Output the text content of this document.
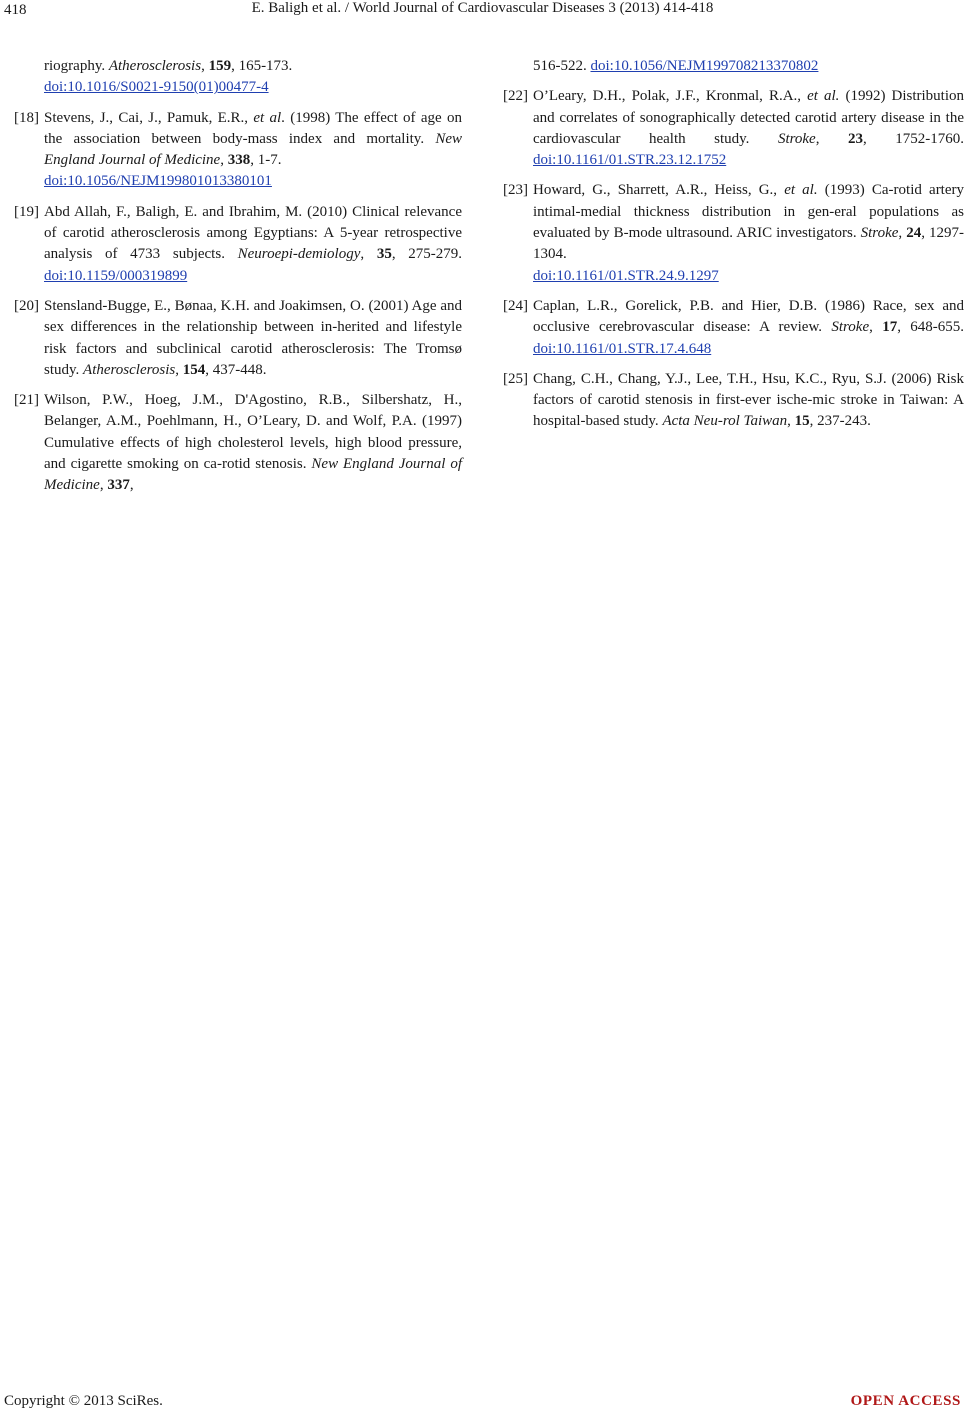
418	E. Baligh et al. / World Journal of Cardiovascular Diseases 3 (2013) 414-418
riography. Atherosclerosis, 159, 165-173.
doi:10.1016/S0021-9150(01)00477-4
[18] Stevens, J., Cai, J., Pamuk, E.R., et al. (1998) The effect of age on the association between body-mass index and mortality. New England Journal of Medicine, 338, 1-7.
doi:10.1056/NEJM199801013380101
[19] Abd Allah, F., Baligh, E. and Ibrahim, M. (2010) Clinical relevance of carotid atherosclerosis among Egyptians: A 5-year retrospective analysis of 4733 subjects. Neuroepi-demiology, 35, 275-279. doi:10.1159/000319899
[20] Stensland-Bugge, E., Bønaa, K.H. and Joakimsen, O. (2001) Age and sex differences in the relationship between in-herited and lifestyle risk factors and subclinical carotid atherosclerosis: The Tromsø study. Atherosclerosis, 154, 437-448.
[21] Wilson, P.W., Hoeg, J.M., D'Agostino, R.B., Silbershatz, H., Belanger, A.M., Poehlmann, H., O’Leary, D. and Wolf, P.A. (1997) Cumulative effects of high cholesterol levels, high blood pressure, and cigarette smoking on ca-rotid stenosis. New England Journal of Medicine, 337,
516-522. doi:10.1056/NEJM199708213370802
[22] O’Leary, D.H., Polak, J.F., Kronmal, R.A., et al. (1992) Distribution and correlates of sonographically detected carotid artery disease in the cardiovascular health study. Stroke, 23, 1752-1760. doi:10.1161/01.STR.23.12.1752
[23] Howard, G., Sharrett, A.R., Heiss, G., et al. (1993) Ca-rotid artery intimal-medial thickness distribution in gen-eral populations as evaluated by B-mode ultrasound. ARIC investigators. Stroke, 24, 1297-1304.
doi:10.1161/01.STR.24.9.1297
[24] Caplan, L.R., Gorelick, P.B. and Hier, D.B. (1986) Race, sex and occlusive cerebrovascular disease: A review. Stroke, 17, 648-655. doi:10.1161/01.STR.17.4.648
[25] Chang, C.H., Chang, Y.J., Lee, T.H., Hsu, K.C., Ryu, S.J. (2006) Risk factors of carotid stenosis in first-ever ische-mic stroke in Taiwan: A hospital-based study. Acta Neu-rol Taiwan, 15, 237-243.
Copyright © 2013 SciRes.	OPEN ACCESS
